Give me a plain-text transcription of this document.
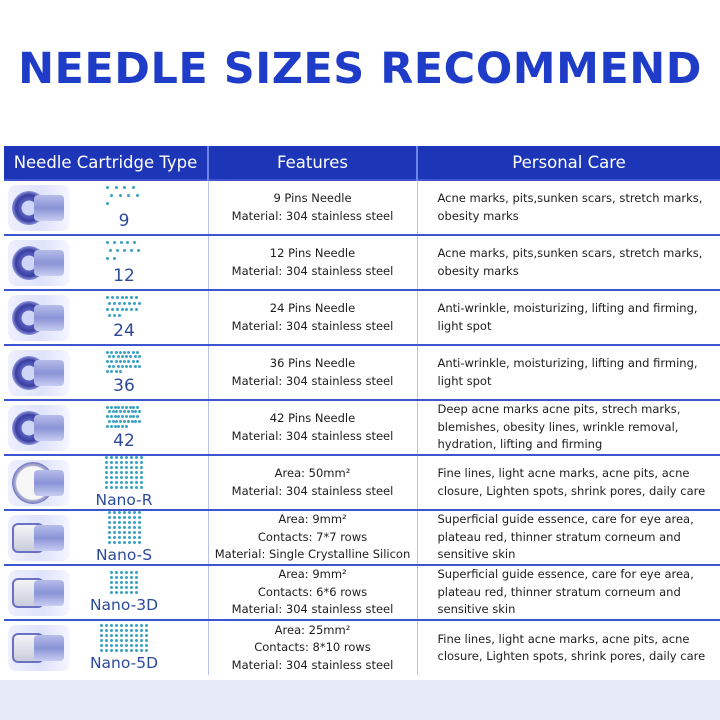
NEEDLE SIZES RECOMMEND
Needle Cartridge Type	Features	Personal Care

9	9 Pins Needle
Material: 304 stainless steel	Acne marks, pits,sunken scars, stretch marks, obesity marks

12	12 Pins Needle
Material: 304 stainless steel	Acne marks, pits,sunken scars, stretch marks, obesity marks

24	24 Pins Needle
Material: 304 stainless steel	Anti-wrinkle, moisturizing, lifting and firming, light spot

36	36 Pins Needle
Material: 304 stainless steel	Anti-wrinkle, moisturizing, lifting and firming, light spot

42	42 Pins Needle
Material: 304 stainless steel	Deep acne marks acne pits, strech marks, blemishes, obesity lines, wrinkle removal, hydration, lifting and firming

Nano-R	Area: 50mm²
Material: 304 stainless steel	Fine lines, light acne marks, acne pits, acne closure, Lighten spots, shrink pores, daily care

Nano-S	Area: 9mm²
Contacts: 7*7 rows
Material: Single Crystalline Silicon	Superficial guide essence, care for eye area, plateau red, thinner stratum corneum and sensitive skin

Nano-3D	Area: 9mm²
Contacts: 6*6 rows
Material: 304 stainless steel	Superficial guide essence, care for eye area, plateau red, thinner stratum corneum and sensitive skin

Nano-5D	Area: 25mm²
Contacts: 8*10 rows
Material: 304 stainless steel	Fine lines, light acne marks, acne pits, acne closure, Lighten spots, shrink pores, daily care
